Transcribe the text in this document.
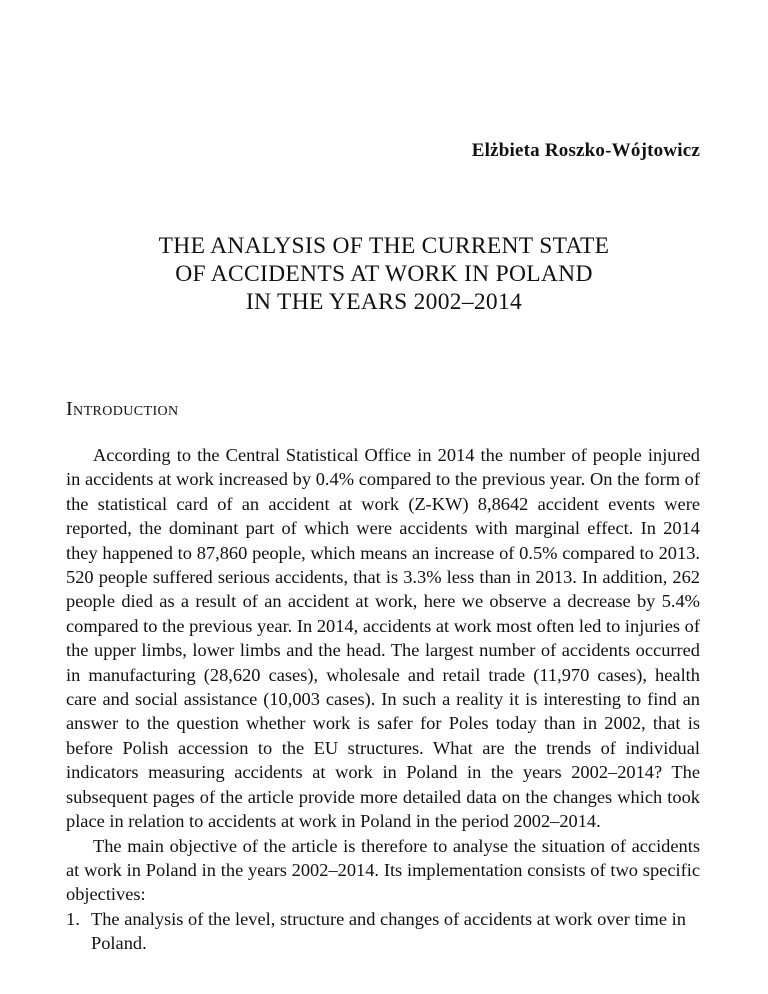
Elżbieta Roszko-Wójtowicz
THE ANALYSIS OF THE CURRENT STATE
OF ACCIDENTS AT WORK IN POLAND
IN THE YEARS 2002–2014
Introduction

According to the Central Statistical Office in 2014 the number of people injured in accidents at work increased by 0.4% compared to the previous year. On the form of the statistical card of an accident at work (Z-KW) 8,8642 accident events were reported, the dominant part of which were accidents with marginal effect. In 2014 they happened to 87,860 people, which means an increase of 0.5% compared to 2013. 520 people suffered serious accidents, that is 3.3% less than in 2013. In addition, 262 people died as a result of an accident at work, here we observe a decrease by 5.4% compared to the previous year. In 2014, accidents at work most often led to injuries of the upper limbs, lower limbs and the head. The largest number of accidents occurred in manufacturing (28,620 cases), wholesale and retail trade (11,970 cases), health care and social assistance (10,003 cases). In such a reality it is interesting to find an answer to the question whether work is safer for Poles today than in 2002, that is before Polish accession to the EU structures. What are the trends of individual indicators measuring accidents at work in Poland in the years 2002–2014? The subsequent pages of the article provide more detailed data on the changes which took place in relation to accidents at work in Poland in the period 2002–2014.

The main objective of the article is therefore to analyse the situation of accidents at work in Poland in the years 2002–2014. Its implementation consists of two specific objectives:

1. The analysis of the level, structure and changes of accidents at work over time in Poland.
